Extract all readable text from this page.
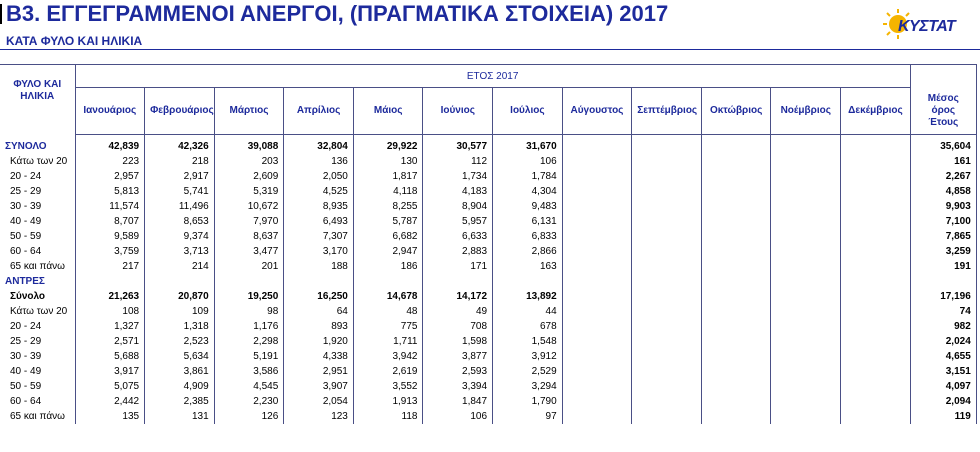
Β3. ΕΓΓΕΓΡΑΜΜΕΝΟΙ ΑΝΕΡΓΟΙ, (ΠΡΑΓΜΑΤΙΚΑ ΣΤΟΙΧΕΙΑ) 2017
ΚΑΤΑ ΦΥΛΟ ΚΑΙ ΗΛΙΚΙΑ
ΚΥΣΤΑΤ
ΦΥΛΟ ΚΑΙ ΗΛΙΚΙΑ	ΕΤΟΣ 2017												
	Ιανουάριος	Φεβρουάριος	Μάρτιος	Απρίλιος	Μάιος	Ιούνιος	Ιούλιος	Αύγουστος	Σεπτέμβριος	Οκτώβριος	Νοέμβριος	Δεκέμβριος	Μέσος όρος Έτους

ΣΥΝΟΛΟ	42,839	42,326	39,088	32,804	29,922	30,577	31,670						35,604
Κάτω των 20	223	218	203	136	130	112	106						161
20 - 24	2,957	2,917	2,609	2,050	1,817	1,734	1,784						2,267
25 - 29	5,813	5,741	5,319	4,525	4,118	4,183	4,304						4,858
30 - 39	11,574	11,496	10,672	8,935	8,255	8,904	9,483						9,903
40 - 49	8,707	8,653	7,970	6,493	5,787	5,957	6,131						7,100
50 - 59	9,589	9,374	8,637	7,307	6,682	6,633	6,833						7,865
60 - 64	3,759	3,713	3,477	3,170	2,947	2,883	2,866						3,259
65 και πάνω	217	214	201	188	186	171	163						191
ΑΝΤΡΕΣ													
Σύνολο	21,263	20,870	19,250	16,250	14,678	14,172	13,892						17,196
Κάτω των 20	108	109	98	64	48	49	44						74
20 - 24	1,327	1,318	1,176	893	775	708	678						982
25 - 29	2,571	2,523	2,298	1,920	1,711	1,598	1,548						2,024
30 - 39	5,688	5,634	5,191	4,338	3,942	3,877	3,912						4,655
40 - 49	3,917	3,861	3,586	2,951	2,619	2,593	2,529						3,151
50 - 59	5,075	4,909	4,545	3,907	3,552	3,394	3,294						4,097
60 - 64	2,442	2,385	2,230	2,054	1,913	1,847	1,790						2,094
65 και πάνω	135	131	126	123	118	106	97						119
